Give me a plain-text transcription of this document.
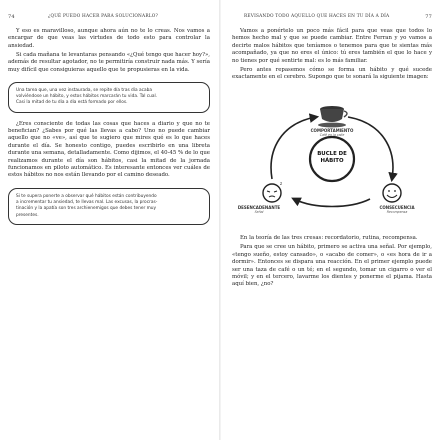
74	¿QUÉ PUEDO HACER PARA SOLUCIONARLO?

Y eso es maravilloso, aunque ahora aún no te lo creas. Nos vamos a encargar de que veas las virtudes de todo esto para controlar la ansiedad.

Si cada mañana te levantaras pensando «¿Qué tengo que hacer hoy?», además de resultar agotador, no te permitiría construir nada más. Y sería muy difícil que consiguieras aquello que te propusieras en la vida.

Una tarea que, una vez instaurada, se repite día tras día acaba
volviéndose un hábito, y estos hábitos marcarán tu vida. Tal cual.
Casi la mitad de tu día a día está formado por ellos.

¿Eres consciente de todas las cosas que haces a diario y que no te benefician? ¿Sabes por qué las llevas a cabo? Uno no puede cambiar aquello que no «ve», así que te sugiero que mires qué es lo que haces durante el día. Se honesto contigo, puedes escribirlo en una libreta durante una semana, detalladamente. Como dijimos, el 40-45 % de lo que realizamos durante el día son hábitos, casi la mitad de la jornada funcionamos en piloto automático. Es interesante entonces ver cuáles de estos hábitos no nos están llevando por el camino deseado.

Si te supera ponerte a observar qué hábitos están contribuyendo
a incrementar tu ansiedad, te llevas mal. Las excusas, la procras-
tinación y la apatía son tres archienemigos que debes tener muy
presentes.
REVISANDO TODO AQUELLO QUE HACES EN TU DÍA A DÍA	77

Vamos a ponértelo un poco más fácil para que veas que todos lo hemos hecho mal y que se puede cambiar. Entre Ferran y yo vamos a decirte malos hábitos que teníamos o tenemos para que te sientas más acompañado, ya que no eres el único: tú eres también el que lo hace y no tienes por qué sentirte mal: es lo más familiar.

Pero antes repasemos cómo se forma un hábito y qué sucede exactamente en el cerebro. Supongo que te sonará la siguiente imagen:

z
BUCLE DE HÁBITO
COMPORTAMIENTO
Café en la calle
DESENCADENANTE
Señal
CONSECUENCIA
Recompensa

En la teoría de las tres cresas: recordatorio, rutina, recompensa.

Para que se cree un hábito, primero se activa una señal. Por ejemplo, «tengo sueño, estoy cansado», o «acabo de comer», o «es hora de ir a dormir». Entonces se dispara una reacción. En el primer ejemplo puede ser una taza de café o un té; en el segundo, tomar un cigarro o ver el móvil; y en el tercero, lavarme los dientes y ponerme el pijama. Hasta aquí bien, ¿no?
